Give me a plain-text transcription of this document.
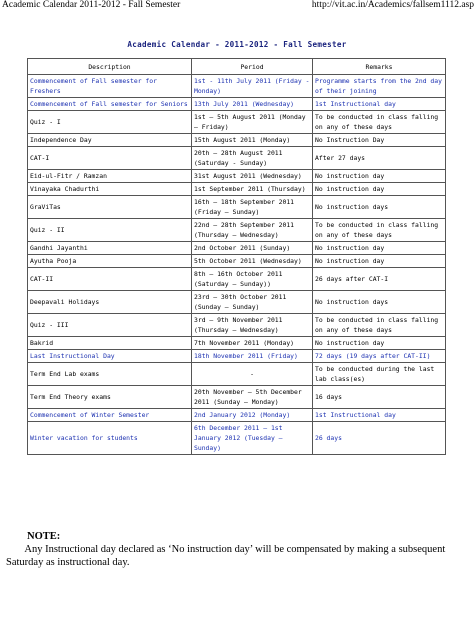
Academic Calendar 2011-2012 - Fall Semester	http://vit.ac.in/Academics/fallsem1112.asp
Academic Calendar - 2011-2012 - Fall Semester
Description	Period	Remarks
Commencement of Fall semester for Freshers	1st - 11th July 2011 (Friday - Monday)	Programme starts from the 2nd day of their joining
Commencement of Fall semester for Seniors	13th July 2011 (Wednesday)	1st Instructional day
Quiz - I	1st – 5th August 2011 (Monday – Friday)	To be conducted in class falling on any of these days
Independence Day	15th August 2011 (Monday)	No Instruction Day
CAT-I	20th – 28th August 2011 (Saturday - Sunday)	After 27 days
Eid-ul-Fitr / Ramzan	31st August 2011 (Wednesday)	No instruction day
Vinayaka Chadurthi	1st September 2011 (Thursday)	No instruction day
GraViTas	16th – 18th September 2011 (Friday – Sunday)	No instruction days
Quiz - II	22nd – 28th September 2011 (Thursday – Wednesday)	To be conducted in class falling on any of these days
Gandhi Jayanthi	2nd October 2011 (Sunday)	No instruction day
Ayutha Pooja	5th October 2011 (Wednesday)	No instruction day
CAT-II	8th – 16th October 2011 (Saturday – Sunday))	26 days after CAT-I
Deepavali Holidays	23rd – 30th October 2011 (Sunday – Sunday)	No instruction days
Quiz - III	3rd – 9th November 2011 (Thursday – Wednesday)	To be conducted in class falling on any of these days
Bakrid	7th November 2011 (Monday)	No instruction day
Last Instructional Day	18th November 2011 (Friday)	72 days (19 days after CAT-II)
Term End Lab exams	-	To be conducted during the last lab class(es)
Term End Theory exams	20th November – 5th December 2011 (Sunday – Monday)	16 days
Commencement of Winter Semester	2nd January 2012 (Monday)	1st Instructional day
Winter vacation for students	6th December 2011 – 1st January 2012 (Tuesday – Sunday)	26 days
NOTE:
Any Instructional day declared as ‘No instruction day’ will be compensated by making a subsequent Saturday as instructional day.
